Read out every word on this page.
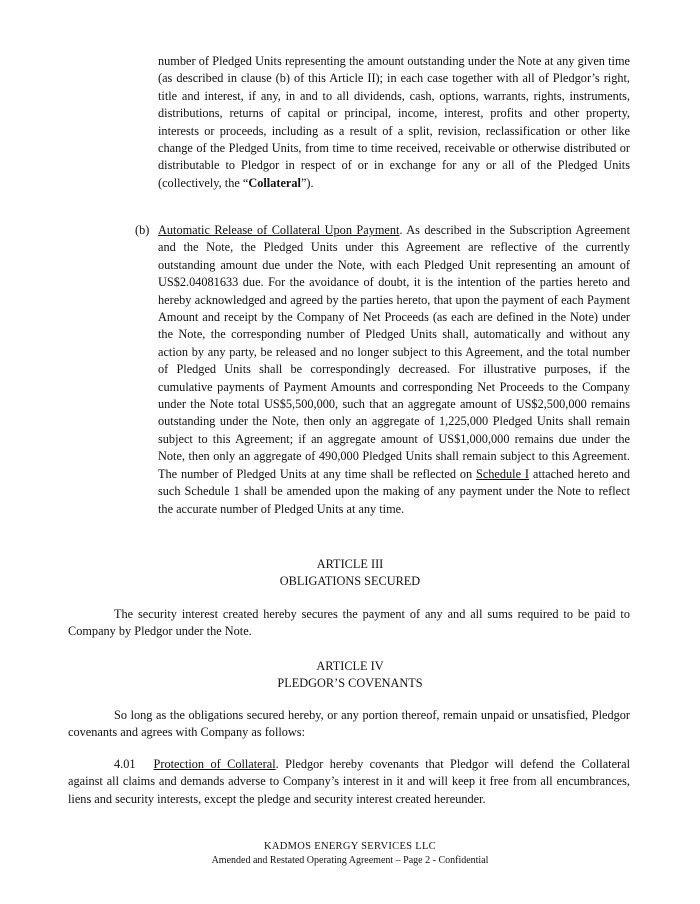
number of Pledged Units representing the amount outstanding under the Note at any given time (as described in clause (b) of this Article II); in each case together with all of Pledgor’s right, title and interest, if any, in and to all dividends, cash, options, warrants, rights, instruments, distributions, returns of capital or principal, income, interest, profits and other property, interests or proceeds, including as a result of a split, revision, reclassification or other like change of the Pledged Units, from time to time received, receivable or otherwise distributed or distributable to Pledgor in respect of or in exchange for any or all of the Pledged Units (collectively, the “Collateral”).

(b) Automatic Release of Collateral Upon Payment. As described in the Subscription Agreement and the Note, the Pledged Units under this Agreement are reflective of the currently outstanding amount due under the Note, with each Pledged Unit representing an amount of US$2.04081633 due. For the avoidance of doubt, it is the intention of the parties hereto and hereby acknowledged and agreed by the parties hereto, that upon the payment of each Payment Amount and receipt by the Company of Net Proceeds (as each are defined in the Note) under the Note, the corresponding number of Pledged Units shall, automatically and without any action by any party, be released and no longer subject to this Agreement, and the total number of Pledged Units shall be correspondingly decreased. For illustrative purposes, if the cumulative payments of Payment Amounts and corresponding Net Proceeds to the Company under the Note total US$5,500,000, such that an aggregate amount of US$2,500,000 remains outstanding under the Note, then only an aggregate of 1,225,000 Pledged Units shall remain subject to this Agreement; if an aggregate amount of US$1,000,000 remains due under the Note, then only an aggregate of 490,000 Pledged Units shall remain subject to this Agreement. The number of Pledged Units at any time shall be reflected on Schedule I attached hereto and such Schedule 1 shall be amended upon the making of any payment under the Note to reflect the accurate number of Pledged Units at any time.

ARTICLE III
OBLIGATIONS SECURED

The security interest created hereby secures the payment of any and all sums required to be paid to Company by Pledgor under the Note.

ARTICLE IV
PLEDGOR’S COVENANTS

So long as the obligations secured hereby, or any portion thereof, remain unpaid or unsatisfied, Pledgor covenants and agrees with Company as follows:

4.01 Protection of Collateral. Pledgor hereby covenants that Pledgor will defend the Collateral against all claims and demands adverse to Company’s interest in it and will keep it free from all encumbrances, liens and security interests, except the pledge and security interest created hereunder.

KADMOS ENERGY SERVICES LLC
Amended and Restated Operating Agreement – Page 2 - Confidential
